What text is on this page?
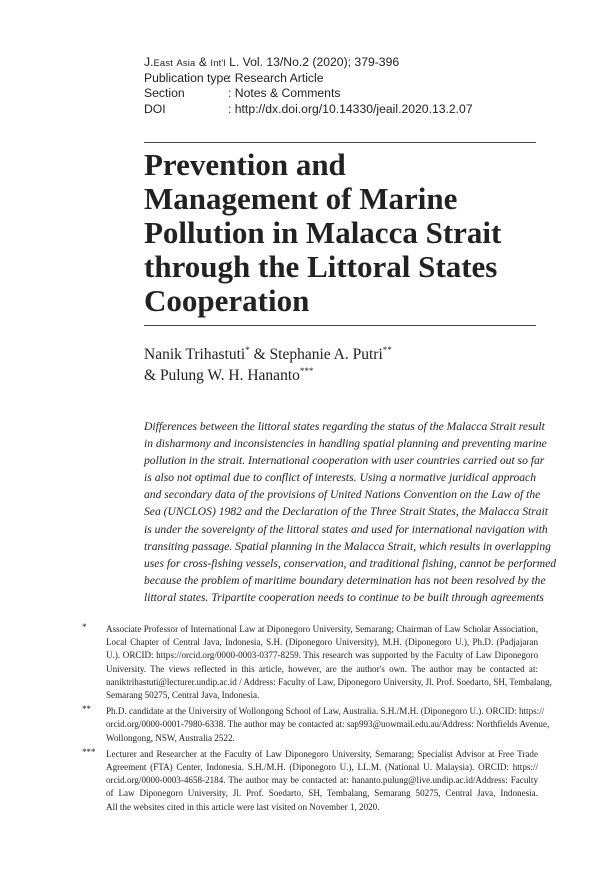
J. East
Asia & Int'l L. Vol. 13/No.2 (2020); 379-396
Publication type
: Research Article
Section	: Notes & Comments
DOI	: http://dx.doi.org/10.14330/jeail.2020.13.2.07
Prevention and
Management of Marine
Pollution in Malacca Strait
through the Littoral States
Cooperation
Nanik Trihastuti* & Stephanie A. Putri**
& Pulung W. H. Hananto***
Differences between the littoral states regarding the status of the Malacca Strait result
in disharmony and inconsistencies in handling spatial planning and preventing marine
pollution in the strait. International cooperation with user countries carried out so far
is also not optimal due to conflict of interests. Using a normative juridical approach
and secondary data of the provisions of United Nations Convention on the Law of the
Sea (UNCLOS) 1982 and the Declaration of the Three Strait States, the Malacca Strait
is under the sovereignty of the littoral states and used for international navigation with
transiting passage. Spatial planning in the Malacca Strait, which results in overlapping
uses for cross-fishing vessels, conservation, and traditional fishing, cannot be performed
because the problem of maritime boundary determination has not been resolved by the
littoral states. Tripartite cooperation needs to continue to be built through agreements
* Associate Professor of International Law at Diponegoro University, Semarang; Chairman of Law Scholar Association,
Local Chapter of Central Java, Indonesia, S.H. (Diponegoro University), M.H. (Diponegoro U.), Ph.D. (Padjajaran
U.). ORCID: https://orcid.org/0000-0003-0377-8259. This research was supported by the Faculty of Law Diponegoro
University. The views reflected in this article, however, are the author's own. The author may be contacted at:
naniktrihastuti@lecturer.undip.ac.id / Address: Faculty of Law, Diponegoro University, Jl. Prof. Soedarto, SH, Tembalang,
Semarang 50275, Central Java, Indonesia.
** Ph.D. candidate at the University of Wollongong School of Law, Australia. S.H./M.H. (Diponegoro U.). ORCID: https://
orcid.org/0000-0001-7980-6338. The author may be contacted at: sap993@uowmail.edu.au/Address: Northfields Avenue,
Wollongong, NSW, Australia 2522.
*** Lecturer and Researcher at the Faculty of Law Diponegoro University, Semarang; Specialist Advisor at Free Trade
Agreement (FTA) Center, Indonesia. S.H./M.H. (Diponegoro U.), LL.M. (National U. Malaysia). ORCID: https://
orcid.org/0000-0003-4658-2184. The author may be contacted at: hananto.pulung@live.undip.ac.id/Address: Faculty
of Law Diponegoro University, Jl. Prof. Soedarto, SH, Tembalang, Semarang 50275, Central Java, Indonesia.
All the websites cited in this article were last visited on November 1, 2020.
